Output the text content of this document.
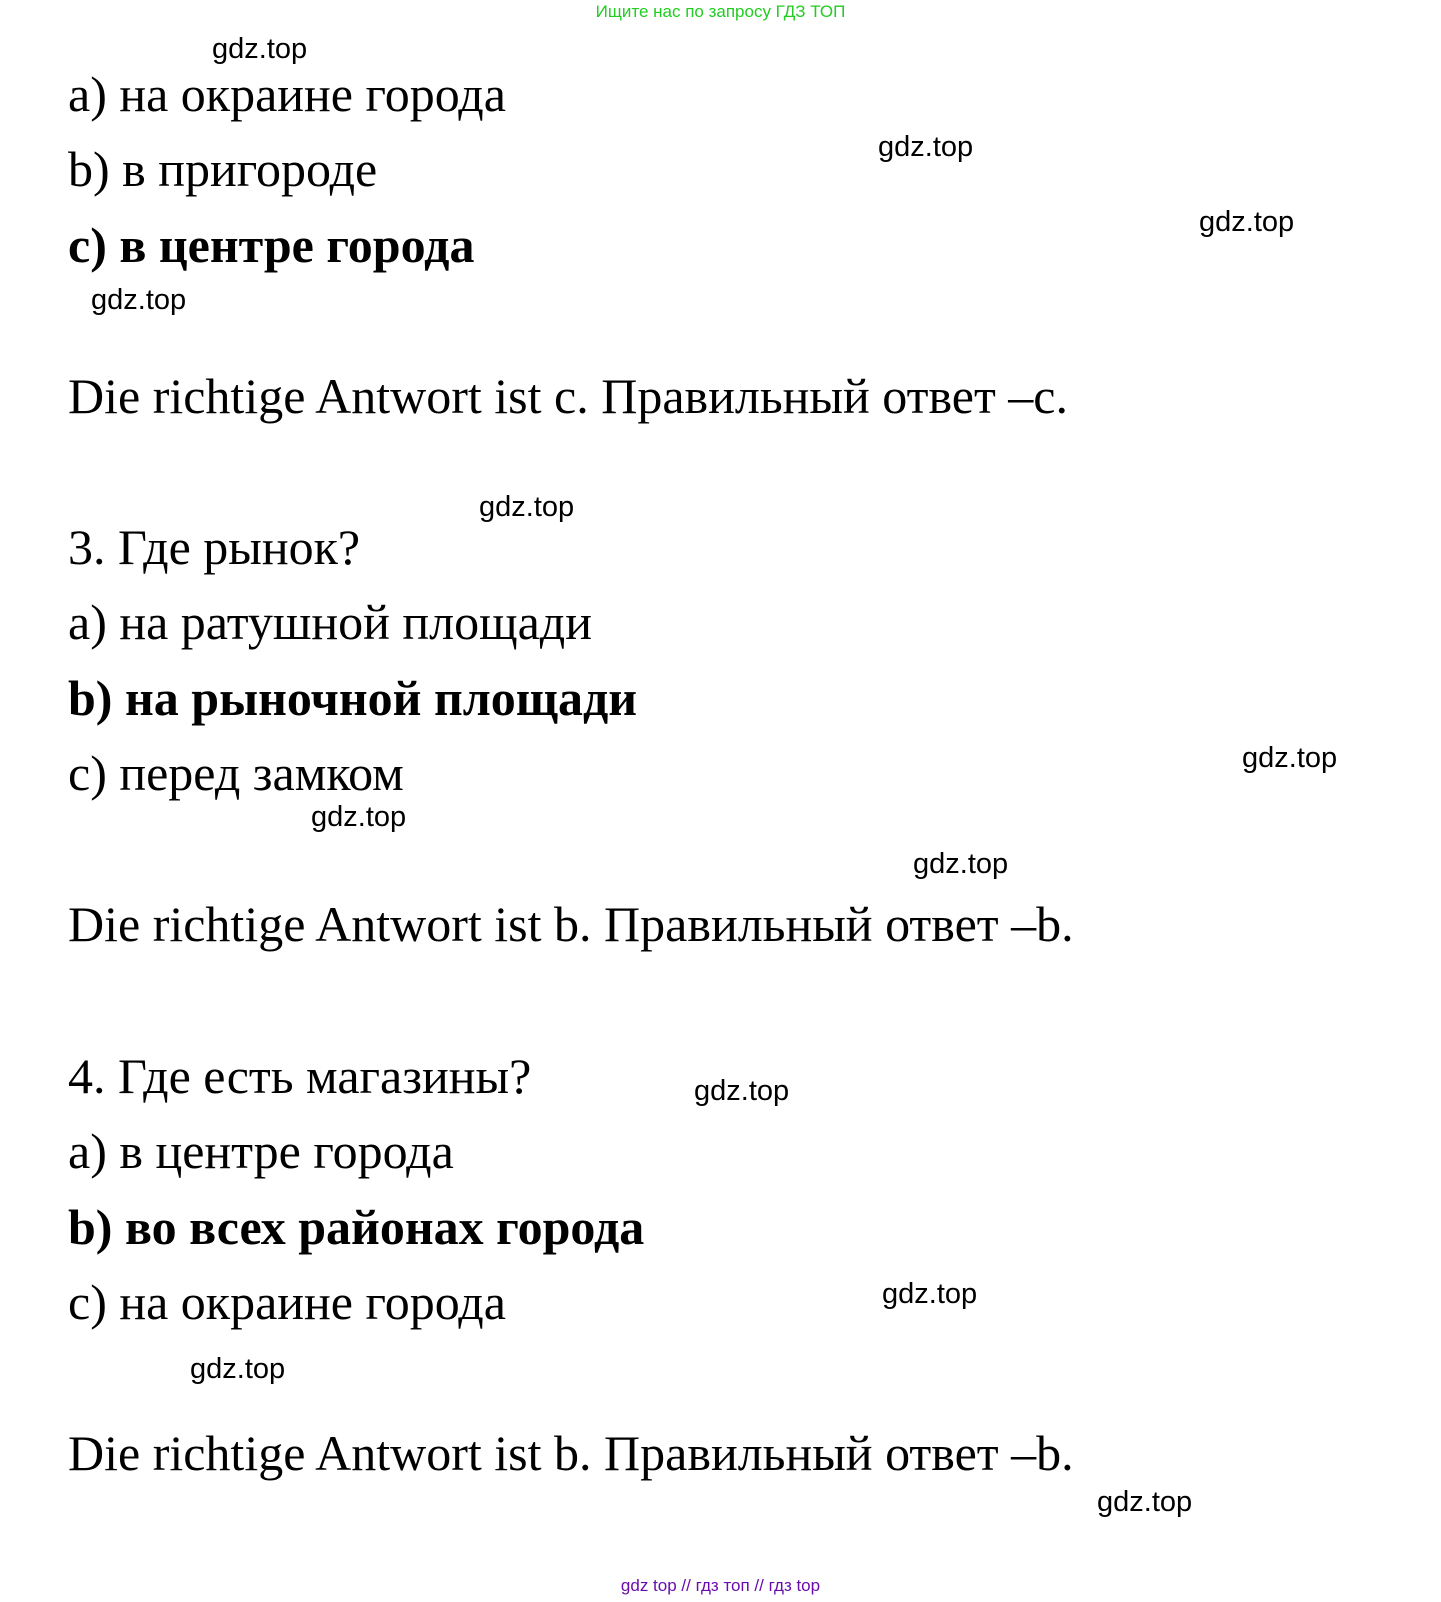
Ищите нас по запросу ГДЗ ТОП
a) на окраине города
b) в пригороде
c) в центре города
Die richtige Antwort ist c. Правильный ответ –c.
3. Где рынок?
a) на ратушной площади
b) на рыночной площади
c) перед замком
Die richtige Antwort ist b. Правильный ответ –b.
4. Где есть магазины?
a) в центре города
b) во всех районах города
c) на окраине города
Die richtige Antwort ist b. Правильный ответ –b.
gdz.top
gdz.top
gdz.top
gdz.top
gdz.top
gdz.top
gdz.top
gdz.top
gdz.top
gdz.top
gdz.top
gdz.top
gdz top // гдз топ // гдз top
